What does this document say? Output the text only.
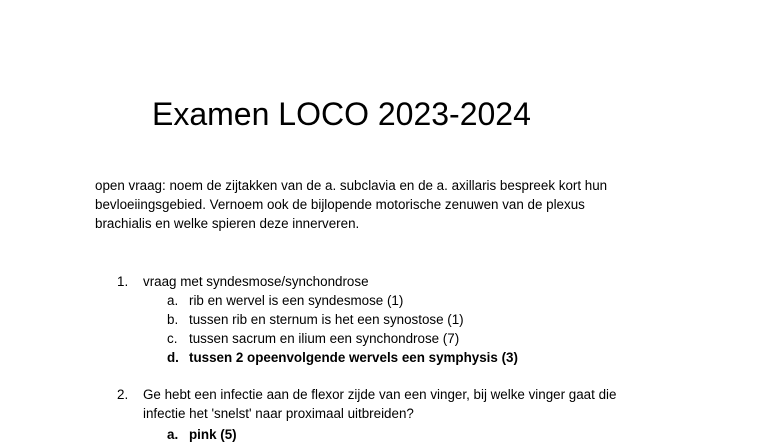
Examen LOCO 2023-2024
open vraag: noem de zijtakken van de a. subclavia en de a. axillaris bespreek kort hun
bevloeiingsgebied. Vernoem ook de bijlopende motorische zenuwen van de plexus
brachialis en welke spieren deze innerveren.
1. vraag met syndesmose/synchondrose
a. rib en wervel is een syndesmose (1)
b. tussen rib en sternum is het een synostose (1)
c. tussen sacrum en ilium een synchondrose (7)
d. tussen 2 opeenvolgende wervels een symphysis (3)
2. Ge hebt een infectie aan de flexor zijde van een vinger, bij welke vinger gaat die
infectie het 'snelst' naar proximaal uitbreiden?
a. pink (5)
